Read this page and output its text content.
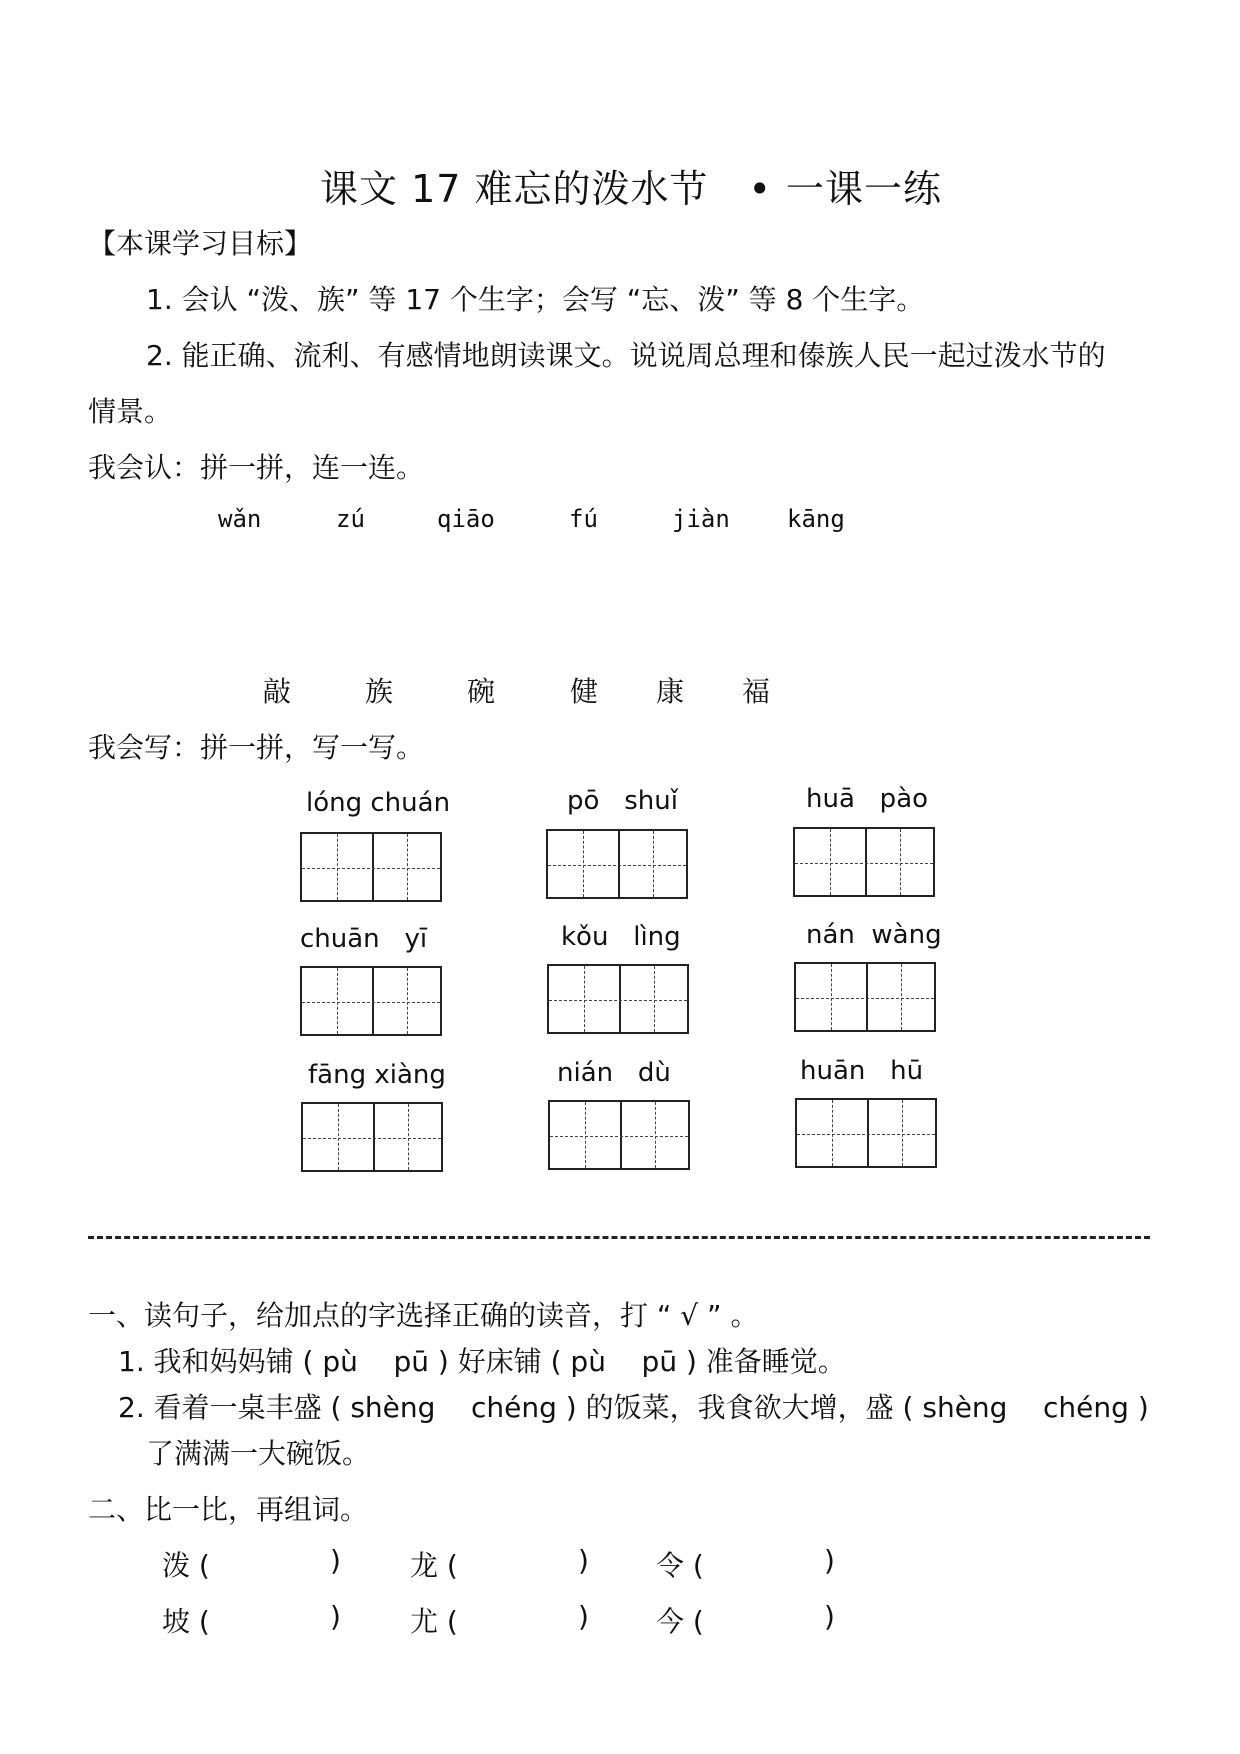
课文 17 难忘的泼水节 • 一课一练
【本课学习目标】
1. 会认 “泼、族” 等 17 个生字；会写 “忘、泼” 等 8 个生字。
2. 能正确、流利、有感情地朗读课文。说说周总理和傣族人民一起过泼水节的
情景。
我会认：拼一拼，连一连。
wǎn	zú	qiāo	fú	jiàn kāng
敲	族	碗	健 康 福
我会写：拼一拼，写一写。
lóng chuán	pō   shuǐ	huā   pào
chuān   yī	kǒu   lìng	nán  wàng
fāng xiàng	nián   dù	huān   hū
一、读句子，给加点的字选择正确的读音，打 “ √ ” 。
1. 我和妈妈铺 ( pù    pū ) 好床铺 ( pù    pū ) 准备睡觉。
2. 看着一桌丰盛 ( shèng    chéng ) 的饭菜，我食欲大增，盛 ( shèng    chéng )
了满满一大碗饭。
二、比一比，再组词。
泼 (	) 龙 (	) 令 (	)
坡 (	) 尤 (	) 今 (	)
